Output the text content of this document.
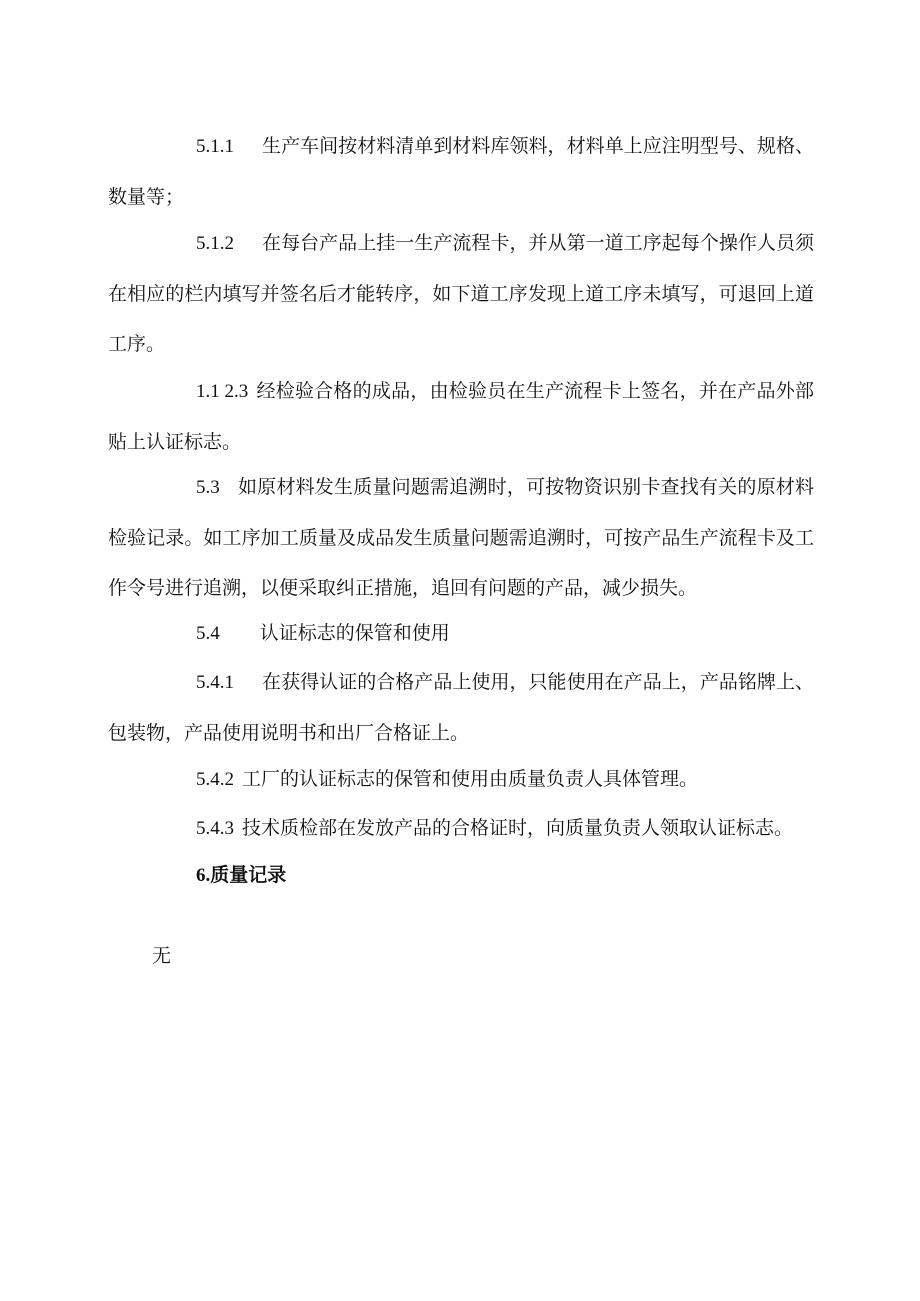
5.1.1 生产车间按材料清单到材料库领料，材料单上应注明型号、规格、数量等；

5.1.2 在每台产品上挂一生产流程卡，并从第一道工序起每个操作人员须在相应的栏内填写并签名后才能转序，如下道工序发现上道工序未填写，可退回上道工序。

1.1 2.3 经检验合格的成品，由检验员在生产流程卡上签名，并在产品外部贴上认证标志。

5.3 如原材料发生质量问题需追溯时，可按物资识别卡查找有关的原材料检验记录。如工序加工质量及成品发生质量问题需追溯时，可按产品生产流程卡及工作令号进行追溯，以便采取纠正措施，追回有问题的产品，减少损失。

5.4 认证标志的保管和使用

5.4.1 在获得认证的合格产品上使用，只能使用在产品上，产品铭牌上、包装物，产品使用说明书和出厂合格证上。

5.4.2 工厂的认证标志的保管和使用由质量负责人具体管理。

5.4.3 技术质检部在发放产品的合格证时，向质量负责人领取认证标志。

6.质量记录

无
